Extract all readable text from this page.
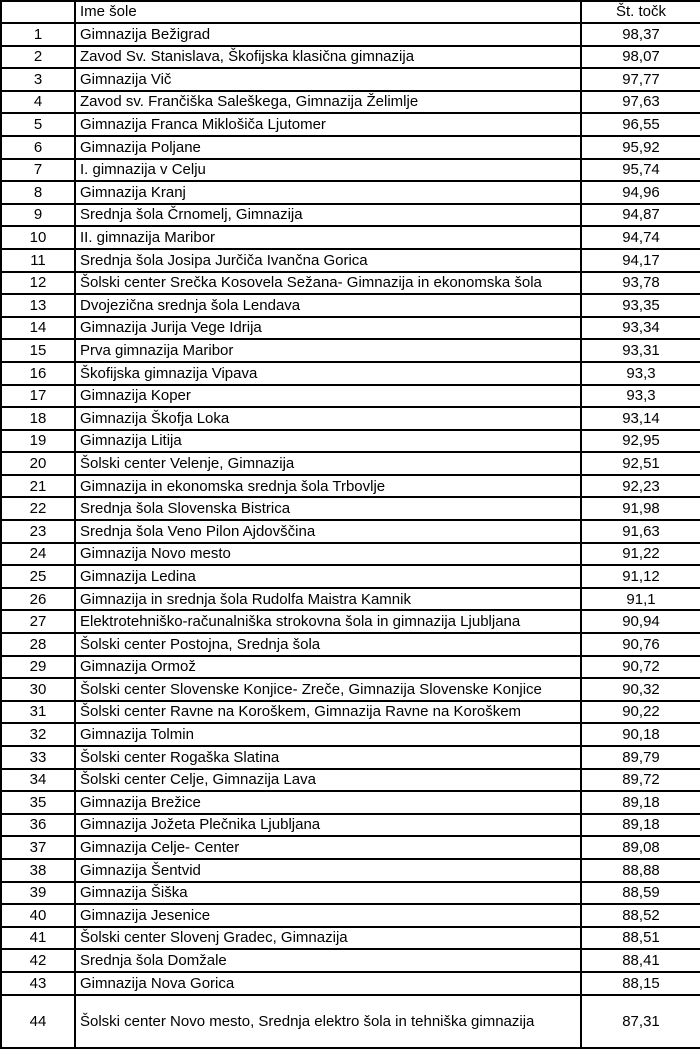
	Ime šole	Št. točk
1	Gimnazija Bežigrad	98,37
2	Zavod Sv. Stanislava, Škofijska klasična gimnazija	98,07
3	Gimnazija Vič	97,77
4	Zavod sv. Frančiška Saleškega, Gimnazija Želimlje	97,63
5	Gimnazija Franca Miklošiča Ljutomer	96,55
6	Gimnazija Poljane	95,92
7	I. gimnazija v Celju	95,74
8	Gimnazija Kranj	94,96
9	Srednja šola Črnomelj, Gimnazija	94,87
10	II. gimnazija Maribor	94,74
11	Srednja šola Josipa Jurčiča Ivančna Gorica	94,17
12	Šolski center Srečka Kosovela Sežana- Gimnazija in ekonomska šola	93,78
13	Dvojezična srednja šola Lendava	93,35
14	Gimnazija Jurija Vege Idrija	93,34
15	Prva gimnazija Maribor	93,31
16	Škofijska gimnazija Vipava	93,3
17	Gimnazija Koper	93,3
18	Gimnazija Škofja Loka	93,14
19	Gimnazija Litija	92,95
20	Šolski center Velenje, Gimnazija	92,51
21	Gimnazija in ekonomska srednja šola Trbovlje	92,23
22	Srednja šola Slovenska Bistrica	91,98
23	Srednja šola Veno Pilon Ajdovščina	91,63
24	Gimnazija Novo mesto	91,22
25	Gimnazija Ledina	91,12
26	Gimnazija in srednja šola Rudolfa Maistra Kamnik	91,1
27	Elektrotehniško-računalniška strokovna šola in gimnazija Ljubljana	90,94
28	Šolski center Postojna, Srednja šola	90,76
29	Gimnazija Ormož	90,72
30	Šolski center Slovenske Konjice- Zreče, Gimnazija Slovenske Konjice	90,32
31	Šolski center Ravne na Koroškem, Gimnazija Ravne na Koroškem	90,22
32	Gimnazija Tolmin	90,18
33	Šolski center Rogaška Slatina	89,79
34	Šolski center Celje, Gimnazija Lava	89,72
35	Gimnazija Brežice	89,18
36	Gimnazija Jožeta Plečnika Ljubljana	89,18
37	Gimnazija Celje- Center	89,08
38	Gimnazija Šentvid	88,88
39	Gimnazija Šiška	88,59
40	Gimnazija Jesenice	88,52
41	Šolski center Slovenj Gradec, Gimnazija	88,51
42	Srednja šola Domžale	88,41
43	Gimnazija Nova Gorica	88,15
44	Šolski center Novo mesto, Srednja elektro šola in tehniška gimnazija	87,31
